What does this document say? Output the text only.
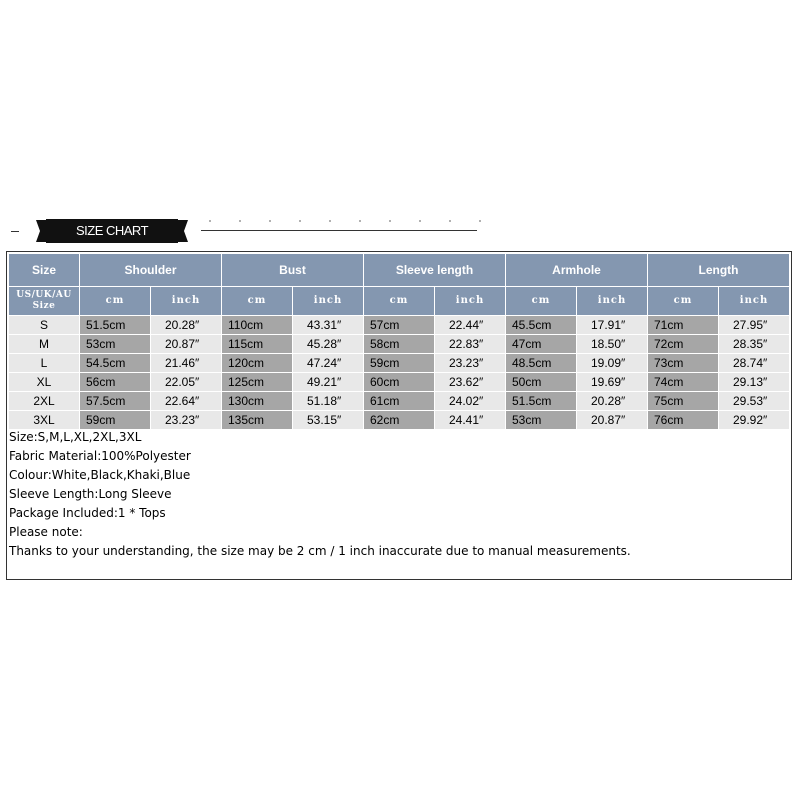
SIZE CHART
Size	Shoulder		Bust		Sleeve length		Armhole		Length	
US/UK/AU
Size	cm	inch	cm	inch	cm	inch	cm	inch	cm	inch
S	51.5cm	20.28″	110cm	43.31″	57cm	22.44″	45.5cm	17.91″	71cm	27.95″
M	53cm	20.87″	115cm	45.28″	58cm	22.83″	47cm	18.50″	72cm	28.35″
L	54.5cm	21.46″	120cm	47.24″	59cm	23.23″	48.5cm	19.09″	73cm	28.74″
XL	56cm	22.05″	125cm	49.21″	60cm	23.62″	50cm	19.69″	74cm	29.13″
2XL	57.5cm	22.64″	130cm	51.18″	61cm	24.02″	51.5cm	20.28″	75cm	29.53″
3XL	59cm	23.23″	135cm	53.15″	62cm	24.41″	53cm	20.87″	76cm	29.92″
Size:S,M,L,XL,2XL,3XL
Fabric Material:100%Polyester
Colour:White,Black,Khaki,Blue
Sleeve Length:Long Sleeve
Package Included:1 * Tops
Please note:
Thanks to your understanding, the size may be 2 cm / 1 inch inaccurate due to manual measurements.
